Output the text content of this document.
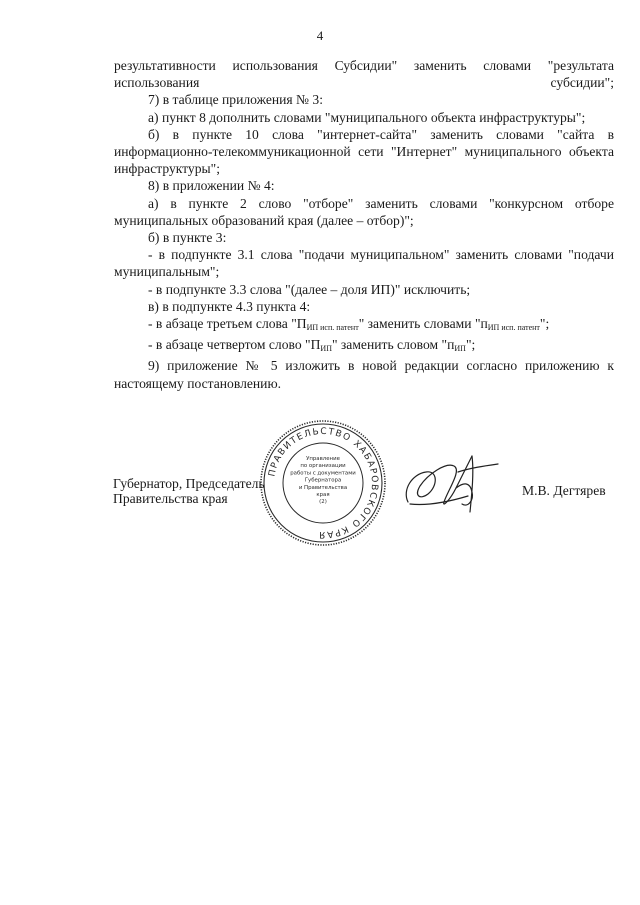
4

результативности использования Субсидии" заменить словами "результата использования субсидии";

7) в таблице приложения № 3:

а) пункт 8 дополнить словами "муниципального объекта инфраструктуры";

б) в пункте 10 слова "интернет-сайта" заменить словами "сайта в информационно-телекоммуникационной сети "Интернет" муниципального объекта инфраструктуры";

8) в приложении № 4:

а) в пункте 2 слово "отборе" заменить словами "конкурсном отборе муниципальных образований края (далее – отбор)";

б) в пункте 3:

- в подпункте 3.1 слова "подачи муниципальном" заменить словами "подачи муниципальным";

- в подпункте 3.3 слова "(далее – доля ИП)" исключить;

в) в подпункте 4.3 пункта 4:

- в абзаце третьем слова "$П_{ИП исп. патент}$" заменить словами "$п_{ИП исп. патент}$";

- в абзаце четвертом слово "$П_{ИП}$" заменить словом "$п_{ИП}$";

9) приложение № 5 изложить в новой редакции согласно приложению к настоящему постановлению.

Губернатор, Председатель
Правительства края
ПРАВИТЕЛЬСТВО ХАБАРОВСКОГО КРАЯ
Управление
по организации
работы с документами
Губернатора
и Правительства
края
(2)
М.В. Дегтярев
